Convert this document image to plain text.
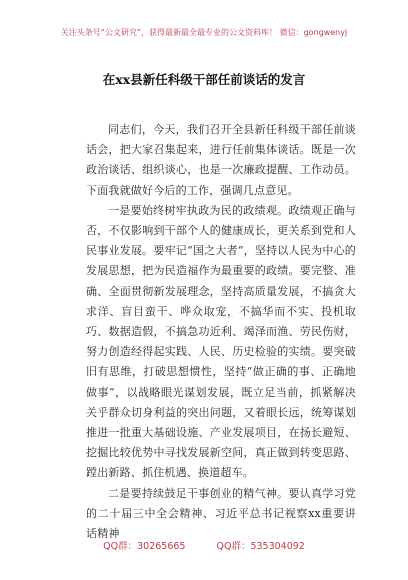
关注头条号“公文研究”，获得最新最全最专业的公文资料库！ 微信：gongwenyj
在xx县新任科级干部任前谈话的发言

同志们，今天，我们召开全县新任科级干部任前谈话会，把大家召集起来，进行任前集体谈话。既是一次政治谈话、组织谈心，也是一次廉政提醒、工作动员。下面我就做好今后的工作，强调几点意见。

一是要始终树牢执政为民的政绩观。政绩观正确与否，不仅影响到干部个人的健康成长，更关系到党和人民事业发展。要牢记“国之大者”，坚持以人民为中心的发展思想，把为民造福作为最重要的政绩。要完整、准确、全面贯彻新发展理念，坚持高质量发展，不搞贪大求洋、盲目蛮干、哗众取宠，不搞华而不实、投机取巧、数据造假，不搞急功近利、竭泽而渔、劳民伤财，努力创造经得起实践、人民、历史检验的实绩。要突破旧有思维，打破思想惯性，坚持“做正确的事、正确地做事”，以战略眼光谋划发展，既立足当前，抓紧解决关乎群众切身利益的突出问题，又着眼长远，统筹谋划推进一批重大基础设施、产业发展项目，在扬长避短、挖掘比较优势中寻找发展新空间，真正做到转变思路、蹚出新路、抓住机遇、换道超车。

二是要持续鼓足干事创业的精气神。要认真学习党的二十届三中全会精神、习近平总书记视察xx重要讲话精神

QQ群：30265665	QQ群：535304092
